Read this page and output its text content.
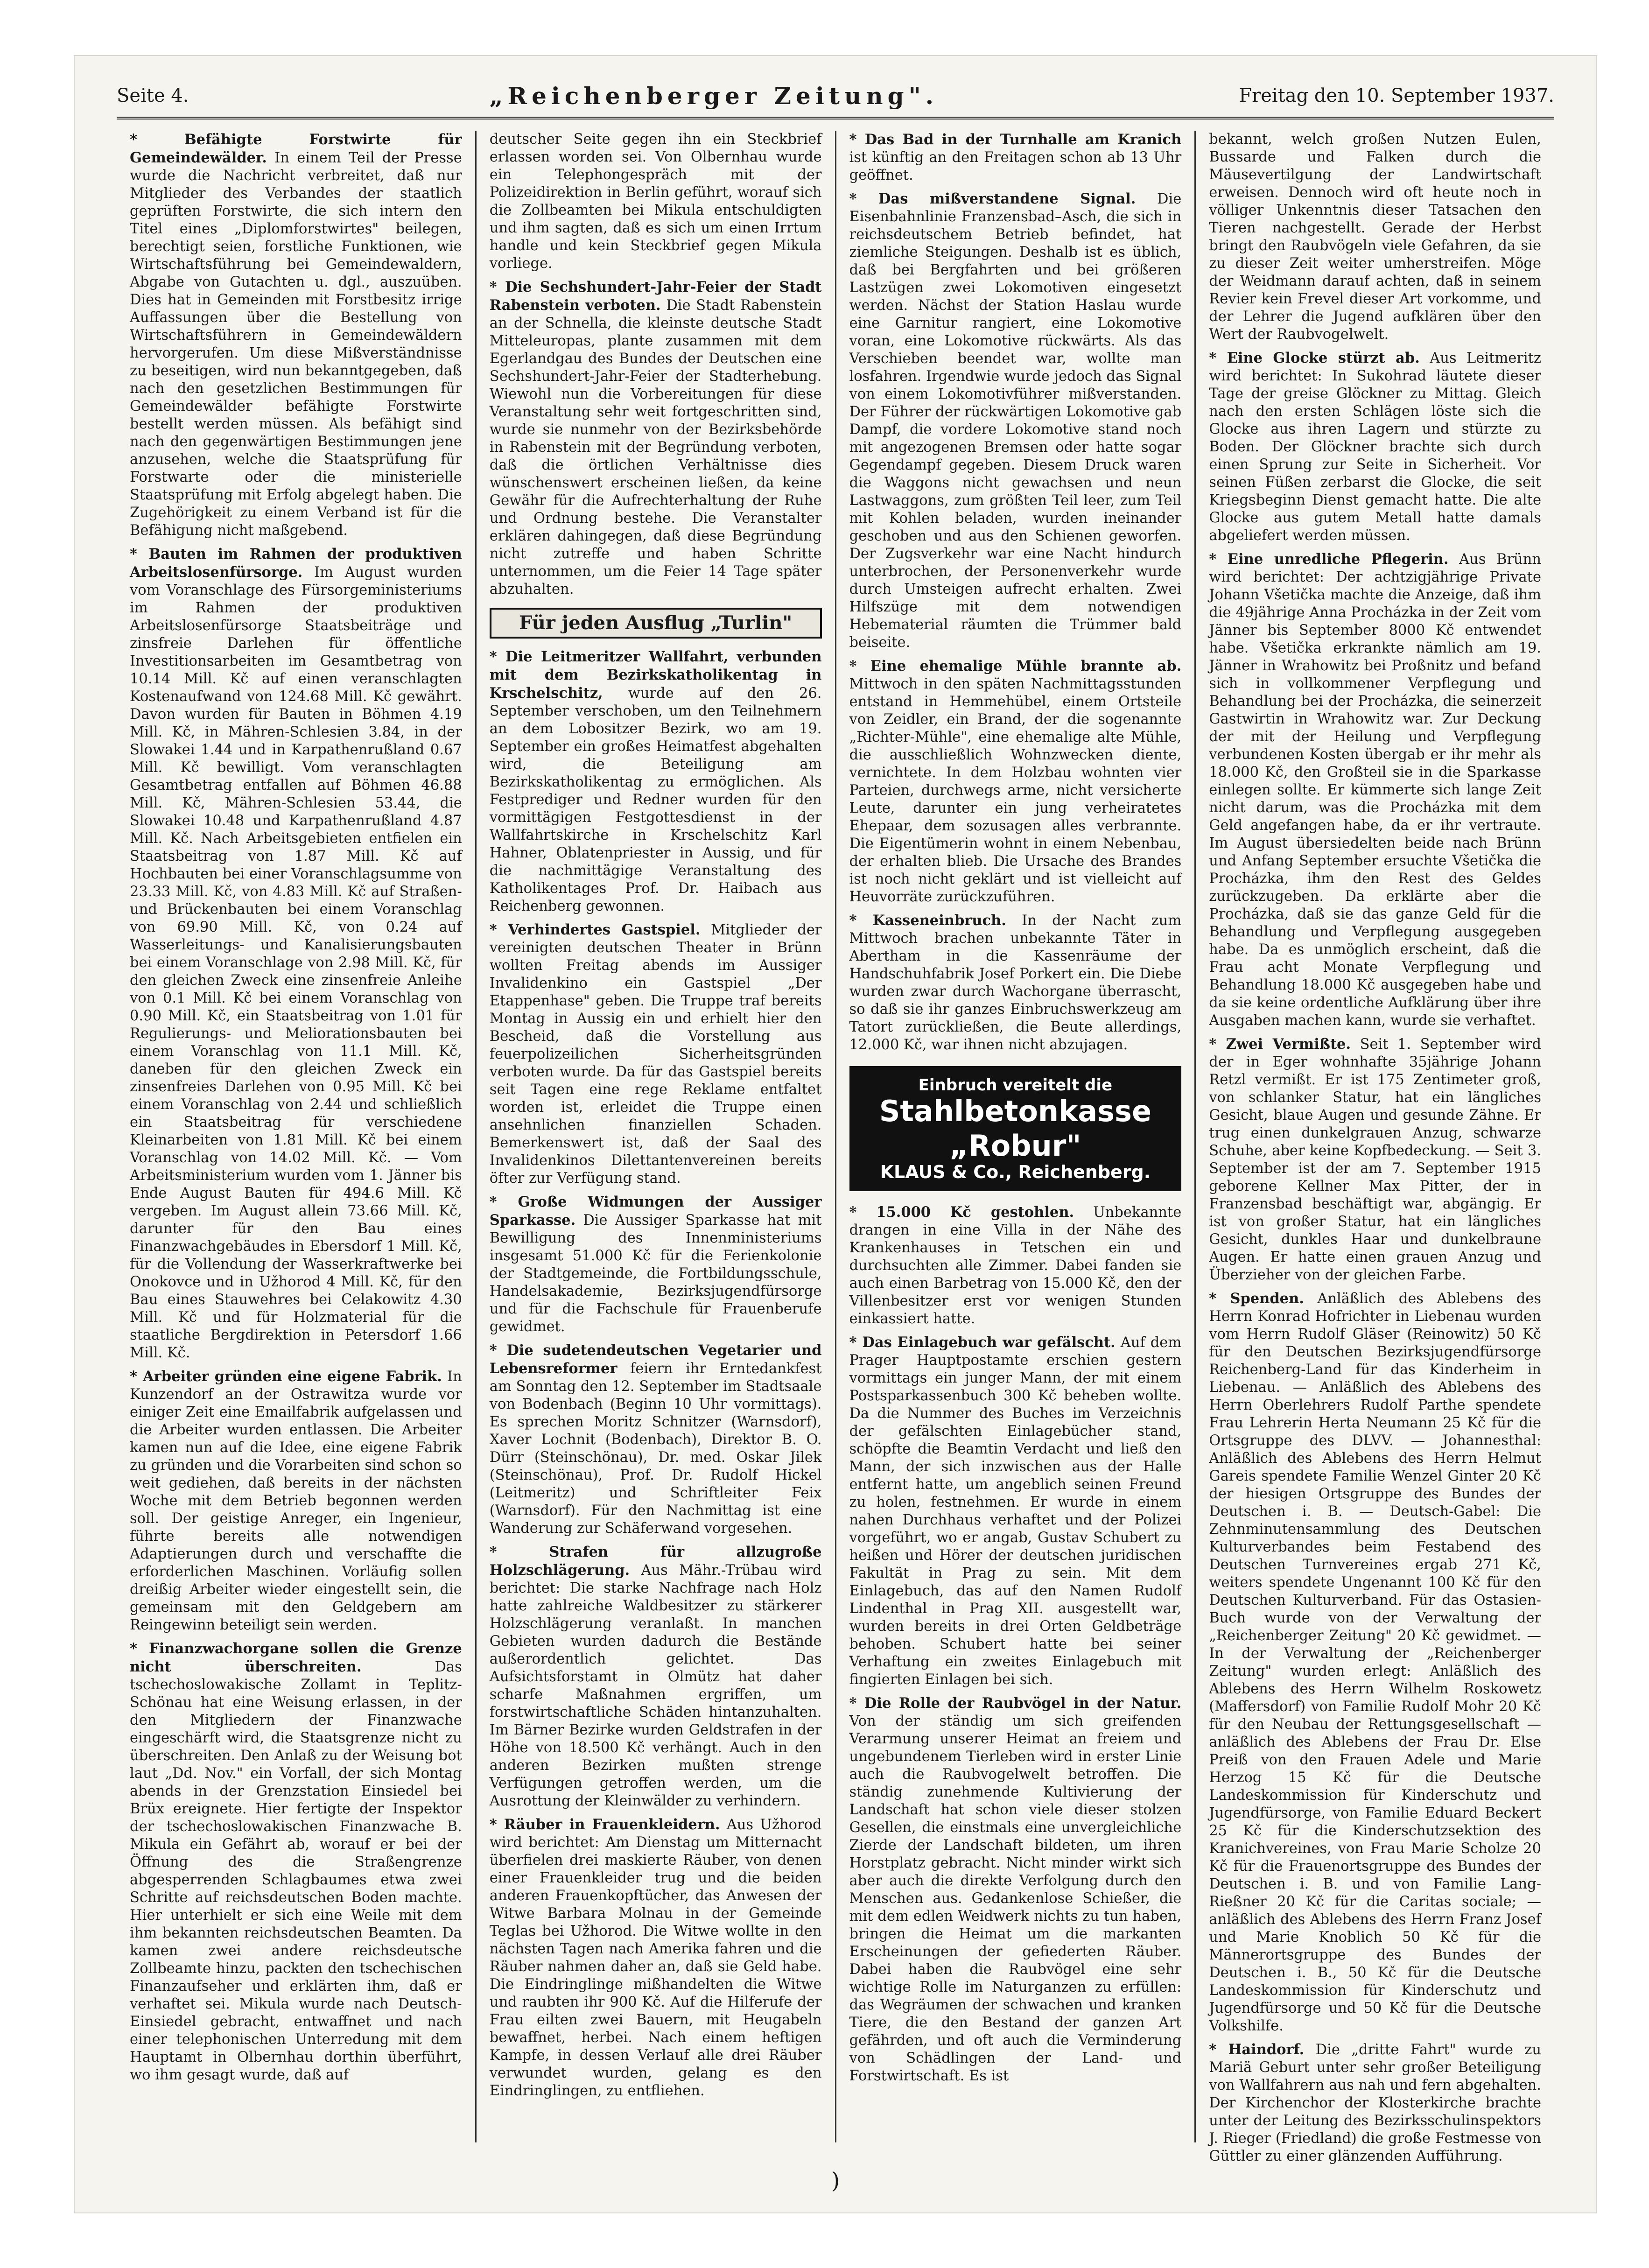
Seite 4.	„Reichenberger Zeitung".	Freitag den 10. September 1937.

* Befähigte Forstwirte für Gemeindewälder. In einem Teil der Presse wurde die Nachricht verbreitet, daß nur Mitglieder des Verbandes der staatlich geprüften Forstwirte, die sich intern den Titel eines „Diplomforstwirtes" beilegen, berechtigt seien, forstliche Funktionen, wie Wirtschaftsführung bei Gemeindewaldern, Abgabe von Gutachten u. dgl., auszuüben. Dies hat in Gemeinden mit Forstbesitz irrige Auffassungen über die Bestellung von Wirtschaftsführern in Gemeindewäldern hervorgerufen. Um diese Mißverständnisse zu beseitigen, wird nun bekanntgegeben, daß nach den gesetzlichen Bestimmungen für Gemeindewälder befähigte Forstwirte bestellt werden müssen. Als befähigt sind nach den gegenwärtigen Bestimmungen jene anzusehen, welche die Staatsprüfung für Forstwarte oder die ministerielle Staatsprüfung mit Erfolg abgelegt haben. Die Zugehörigkeit zu einem Verband ist für die Befähigung nicht maßgebend.

* Bauten im Rahmen der produktiven Arbeitslosenfürsorge. Im August wurden vom Voranschlage des Fürsorgeministeriums im Rahmen der produktiven Arbeitslosenfürsorge Staatsbeiträge und zinsfreie Darlehen für öffentliche Investitionsarbeiten im Gesamtbetrag von 10.14 Mill. Kč auf einen veranschlagten Kostenaufwand von 124.68 Mill. Kč gewährt. Davon wurden für Bauten in Böhmen 4.19 Mill. Kč, in Mähren-Schlesien 3.84, in der Slowakei 1.44 und in Karpathenrußland 0.67 Mill. Kč bewilligt. Vom veranschlagten Gesamtbetrag entfallen auf Böhmen 46.88 Mill. Kč, Mähren-Schlesien 53.44, die Slowakei 10.48 und Karpathenrußland 4.87 Mill. Kč. Nach Arbeitsgebieten entfielen ein Staatsbeitrag von 1.87 Mill. Kč auf Hochbauten bei einer Voranschlagsumme von 23.33 Mill. Kč, von 4.83 Mill. Kč auf Straßen- und Brückenbauten bei einem Voranschlag von 69.90 Mill. Kč, von 0.24 auf Wasserleitungs- und Kanalisierungsbauten bei einem Voranschlage von 2.98 Mill. Kč, für den gleichen Zweck eine zinsenfreie Anleihe von 0.1 Mill. Kč bei einem Voranschlag von 0.90 Mill. Kč, ein Staatsbeitrag von 1.01 für Regulierungs- und Meliorationsbauten bei einem Voranschlag von 11.1 Mill. Kč, daneben für den gleichen Zweck ein zinsenfreies Darlehen von 0.95 Mill. Kč bei einem Voranschlag von 2.44 und schließlich ein Staatsbeitrag für verschiedene Kleinarbeiten von 1.81 Mill. Kč bei einem Voranschlag von 14.02 Mill. Kč. — Vom Arbeitsministerium wurden vom 1. Jänner bis Ende August Bauten für 494.6 Mill. Kč vergeben. Im August allein 73.66 Mill. Kč, darunter für den Bau eines Finanzwachgebäudes in Ebersdorf 1 Mill. Kč, für die Vollendung der Wasserkraftwerke bei Onokovce und in Užhorod 4 Mill. Kč, für den Bau eines Stauwehres bei Celakowitz 4.30 Mill. Kč und für Holzmaterial für die staatliche Bergdirektion in Petersdorf 1.66 Mill. Kč.

* Arbeiter gründen eine eigene Fabrik. In Kunzendorf an der Ostrawitza wurde vor einiger Zeit eine Emailfabrik aufgelassen und die Arbeiter wurden entlassen. Die Arbeiter kamen nun auf die Idee, eine eigene Fabrik zu gründen und die Vorarbeiten sind schon so weit gediehen, daß bereits in der nächsten Woche mit dem Betrieb begonnen werden soll. Der geistige Anreger, ein Ingenieur, führte bereits alle notwendigen Adaptierungen durch und verschaffte die erforderlichen Maschinen. Vorläufig sollen dreißig Arbeiter wieder eingestellt sein, die gemeinsam mit den Geldgebern am Reingewinn beteiligt sein werden.

* Finanzwachorgane sollen die Grenze nicht überschreiten.	Das tschechoslowakische Zollamt in Teplitz-Schönau hat eine Weisung erlassen, in der den Mitgliedern der Finanzwache eingeschärft wird, die Staatsgrenze nicht zu überschreiten. Den Anlaß zu der Weisung bot laut „Dd. Nov." ein Vorfall, der sich Montag abends in der Grenzstation Einsiedel bei Brüx ereignete. Hier fertigte der Inspektor der tschechoslowakischen Finanzwache B. Mikula ein Gefährt ab, worauf er bei der Öffnung des die Straßengrenze abgesperrenden Schlagbaumes etwa zwei Schritte auf reichsdeutschen Boden machte. Hier unterhielt er sich eine Weile mit dem ihm bekannten reichsdeutschen Beamten. Da kamen zwei andere reichsdeutsche Zollbeamte hinzu, packten den tschechischen Finanzaufseher und erklärten ihm, daß er verhaftet sei. Mikula wurde nach Deutsch-Einsiedel gebracht, entwaffnet und nach einer telephonischen Unterredung mit dem Hauptamt in Olbernhau dorthin überführt, wo ihm gesagt wurde, daß auf

deutscher Seite gegen ihn ein Steckbrief erlassen worden sei. Von Olbernhau wurde ein Telephongespräch mit der Polizeidirektion in Berlin geführt, worauf sich die Zollbeamten bei Mikula entschuldigten und ihm sagten, daß es sich um einen Irrtum handle und kein Steckbrief gegen Mikula vorliege.

* Die Sechshundert-Jahr-Feier der Stadt Rabenstein verboten. Die Stadt Rabenstein an der Schnella, die kleinste deutsche Stadt Mitteleuropas, plante zusammen mit dem Egerlandgau des Bundes der Deutschen eine Sechshundert-Jahr-Feier der Stadterhebung. Wiewohl nun die Vorbereitungen für diese Veranstaltung sehr weit fortgeschritten sind, wurde sie nunmehr von der Bezirksbehörde in Rabenstein mit der Begründung verboten, daß die örtlichen Verhältnisse dies wünschenswert erscheinen ließen, da keine Gewähr für die Aufrechterhaltung der Ruhe und Ordnung bestehe. Die Veranstalter erklären dahingegen, daß diese Begründung nicht zutreffe und haben Schritte unternommen, um die Feier 14 Tage später abzuhalten.

Für jeden Ausflug „Turlin"

* Die Leitmeritzer Wallfahrt, verbunden mit dem Bezirkskatholikentag in Krschelschitz, wurde auf den 26. September verschoben, um den Teilnehmern an dem Lobositzer Bezirk, wo am 19. September ein großes Heimatfest abgehalten wird, die Beteiligung am Bezirkskatholikentag zu ermöglichen. Als Festprediger und Redner wurden für den vormittägigen Festgottesdienst in der Wallfahrtskirche in Krschelschitz Karl Hahner, Oblatenpriester in Aussig, und für die nachmittägige Veranstaltung des Katholikentages Prof. Dr. Haibach aus Reichenberg gewonnen.

* Verhindertes Gastspiel. Mitglieder der vereinigten deutschen Theater in Brünn wollten Freitag abends im Aussiger Invalidenkino ein Gastspiel „Der Etappenhase" geben. Die Truppe traf bereits Montag in Aussig ein und erhielt hier den Bescheid, daß die Vorstellung aus feuerpolizeilichen Sicherheitsgründen verboten wurde. Da für das Gastspiel bereits seit Tagen eine rege Reklame entfaltet worden ist, erleidet die Truppe einen ansehnlichen finanziellen Schaden. Bemerkenswert ist, daß der Saal des Invalidenkinos Dilettantenvereinen bereits öfter zur Verfügung stand.

* Große Widmungen der Aussiger Sparkasse. Die Aussiger Sparkasse hat mit Bewilligung des Innenministeriums insgesamt 51.000 Kč für die Ferienkolonie der Stadtgemeinde, die Fortbildungsschule, Handelsakademie, Bezirksjugendfürsorge und für die Fachschule für Frauenberufe gewidmet.

* Die sudetendeutschen Vegetarier und Lebensreformer feiern ihr Erntedankfest am Sonntag den 12. September im Stadtsaale von Bodenbach (Beginn 10 Uhr vormittags). Es sprechen Moritz Schnitzer (Warnsdorf), Xaver Lochnit (Bodenbach), Direktor B. O. Dürr (Steinschönau), Dr. med. Oskar Jilek (Steinschönau), Prof. Dr. Rudolf Hickel (Leitmeritz) und Schriftleiter Feix (Warnsdorf). Für den Nachmittag ist eine Wanderung zur Schäferwand vorgesehen.

* Strafen für allzugroße Holzschlägerung. Aus Mähr.-Trübau wird berichtet: Die starke Nachfrage nach Holz hatte zahlreiche Waldbesitzer zu stärkerer Holzschlägerung veranlaßt. In manchen Gebieten wurden dadurch die Bestände außerordentlich gelichtet. Das Aufsichtsforstamt in Olmütz hat daher scharfe Maßnahmen ergriffen, um forstwirtschaftliche Schäden hintanzuhalten. Im Bärner Bezirke wurden Geldstrafen in der Höhe von 18.500 Kč verhängt. Auch in den anderen Bezirken mußten strenge Verfügungen getroffen werden, um die Ausrottung der Kleinwälder zu verhindern.

* Räuber in Frauenkleidern. Aus Užhorod wird berichtet: Am Dienstag um Mitternacht überfielen drei maskierte Räuber, von denen einer Frauenkleider trug und die beiden anderen Frauenkopftücher, das Anwesen der Witwe Barbara Molnau in der Gemeinde Teglas bei Užhorod. Die Witwe wollte in den nächsten Tagen nach Amerika fahren und die Räuber nahmen daher an, daß sie Geld habe. Die Eindringlinge mißhandelten die Witwe und raubten ihr 900 Kč. Auf die Hilferufe der Frau eilten zwei Bauern, mit Heugabeln bewaffnet, herbei. Nach einem heftigen Kampfe, in dessen Verlauf alle drei Räuber verwundet wurden, gelang es den Eindringlingen, zu entfliehen.

* Das Bad in der Turnhalle am Kranich ist künftig an den Freitagen schon ab 13 Uhr geöffnet.

* Das mißverstandene Signal. Die Eisenbahnlinie Franzensbad–Asch, die sich in reichsdeutschem Betrieb befindet, hat ziemliche Steigungen. Deshalb ist es üblich, daß bei Bergfahrten und bei größeren Lastzügen zwei Lokomotiven eingesetzt werden. Nächst der Station Haslau wurde eine Garnitur rangiert, eine Lokomotive voran, eine Lokomotive rückwärts. Als das Verschieben beendet war, wollte man losfahren. Irgendwie wurde jedoch das Signal von einem Lokomotivführer mißverstanden. Der Führer der rückwärtigen Lokomotive gab Dampf, die vordere Lokomotive stand noch mit angezogenen Bremsen oder hatte sogar Gegendampf gegeben. Diesem Druck waren die Waggons nicht gewachsen und neun Lastwaggons, zum größten Teil leer, zum Teil mit Kohlen beladen, wurden ineinander geschoben und aus den Schienen geworfen. Der Zugsverkehr war eine Nacht hindurch unterbrochen, der Personenverkehr wurde durch Umsteigen aufrecht erhalten. Zwei Hilfszüge mit dem notwendigen Hebematerial räumten die Trümmer bald beiseite.

* Eine ehemalige Mühle brannte ab. Mittwoch in den späten Nachmittagsstunden entstand in Hemmehübel, einem Ortsteile von Zeidler, ein Brand, der die sogenannte „Richter-Mühle", eine ehemalige alte Mühle, die ausschließlich Wohnzwecken diente, vernichtete. In dem Holzbau wohnten vier Parteien, durchwegs arme, nicht versicherte Leute, darunter ein jung verheiratetes Ehepaar, dem sozusagen alles verbrannte. Die Eigentümerin wohnt in einem Nebenbau, der erhalten blieb. Die Ursache des Brandes ist noch nicht geklärt und ist vielleicht auf Heuvorräte zurückzuführen.

* Kasseneinbruch. In der Nacht zum Mittwoch brachen unbekannte Täter in Abertham in die Kassenräume der Handschuhfabrik Josef Porkert ein. Die Diebe wurden zwar durch Wachorgane überrascht, so daß sie ihr ganzes Einbruchswerkzeug am Tatort zurückließen, die Beute allerdings, 12.000 Kč, war ihnen nicht abzujagen.

Einbruch vereitelt die
Stahlbetonkasse „Robur"
KLAUS & Co., Reichenberg.

* 15.000 Kč gestohlen. Unbekannte drangen in eine Villa in der Nähe des Krankenhauses in Tetschen ein und durchsuchten alle Zimmer. Dabei fanden sie auch einen Barbetrag von 15.000 Kč, den der Villenbesitzer erst vor wenigen Stunden einkassiert hatte.

* Das Einlagebuch war gefälscht. Auf dem Prager Hauptpostamte erschien gestern vormittags ein junger Mann, der mit einem Postsparkassenbuch 300 Kč beheben wollte. Da die Nummer des Buches im Verzeichnis der gefälschten Einlagebücher stand, schöpfte die Beamtin Verdacht und ließ den Mann, der sich inzwischen aus der Halle entfernt hatte, um angeblich seinen Freund zu holen, festnehmen. Er wurde in einem nahen Durchhaus verhaftet und der Polizei vorgeführt, wo er angab, Gustav Schubert zu heißen und Hörer der deutschen juridischen Fakultät in Prag zu sein. Mit dem Einlagebuch, das auf den Namen Rudolf Lindenthal in Prag XII. ausgestellt war, wurden bereits in drei Orten Geldbeträge behoben. Schubert hatte bei seiner Verhaftung ein zweites Einlagebuch mit fingierten Einlagen bei sich.

* Die Rolle der Raubvögel in der Natur. Von der ständig um sich greifenden Verarmung unserer Heimat an freiem und ungebundenem Tierleben wird in erster Linie auch die Raubvogelwelt betroffen. Die ständig zunehmende Kultivierung der Landschaft hat schon viele dieser stolzen Gesellen, die einstmals eine unvergleichliche Zierde der Landschaft bildeten, um ihren Horstplatz gebracht. Nicht minder wirkt sich aber auch die direkte Verfolgung durch den Menschen aus. Gedankenlose Schießer, die mit dem edlen Weidwerk nichts zu tun haben, bringen die Heimat um die markanten Erscheinungen der gefiederten Räuber. Dabei haben die Raubvögel eine sehr wichtige Rolle im Naturganzen zu erfüllen: das Wegräumen der schwachen und kranken Tiere, die den Bestand der ganzen Art gefährden, und oft auch die Verminderung von Schädlingen der Land- und Forstwirtschaft. Es ist

bekannt, welch großen Nutzen Eulen, Bussarde und Falken durch die Mäusevertilgung der Landwirtschaft erweisen. Dennoch wird oft heute noch in völliger Unkenntnis dieser Tatsachen den Tieren nachgestellt. Gerade der Herbst bringt den Raubvögeln viele Gefahren, da sie zu dieser Zeit weiter umherstreifen. Möge der Weidmann darauf achten, daß in seinem Revier kein Frevel dieser Art vorkomme, und der Lehrer die Jugend aufklären über den Wert der Raubvogelwelt.

* Eine Glocke stürzt ab. Aus Leitmeritz wird berichtet: In Sukohrad läutete dieser Tage der greise Glöckner zu Mittag. Gleich nach den ersten Schlägen löste sich die Glocke aus ihren Lagern und stürzte zu Boden. Der Glöckner brachte sich durch einen Sprung zur Seite in Sicherheit. Vor seinen Füßen zerbarst die Glocke, die seit Kriegsbeginn Dienst gemacht hatte. Die alte Glocke aus gutem Metall hatte damals abgeliefert werden müssen.

* Eine unredliche Pflegerin. Aus Brünn wird berichtet: Der achtzigjährige Private Johann Všetička machte die Anzeige, daß ihm die 49jährige Anna Procházka in der Zeit vom Jänner bis September 8000 Kč entwendet habe. Všetička erkrankte nämlich am 19. Jänner in Wrahowitz bei Proßnitz und befand sich in vollkommener Verpflegung und Behandlung bei der Procházka, die seinerzeit Gastwirtin in Wrahowitz war. Zur Deckung der mit der Heilung und Verpflegung verbundenen Kosten übergab er ihr mehr als 18.000 Kč, den Großteil sie in die Sparkasse einlegen sollte. Er kümmerte sich lange Zeit nicht darum, was die Procházka mit dem Geld angefangen habe, da er ihr vertraute. Im August übersiedelten beide nach Brünn und Anfang September ersuchte Všetička die Procházka, ihm den Rest des Geldes zurückzugeben. Da erklärte aber die Procházka, daß sie das ganze Geld für die Behandlung und Verpflegung ausgegeben habe. Da es unmöglich erscheint, daß die Frau acht Monate Verpflegung und Behandlung 18.000 Kč ausgegeben habe und da sie keine ordentliche Aufklärung über ihre Ausgaben machen kann, wurde sie verhaftet.

* Zwei Vermißte. Seit 1. September wird der in Eger wohnhafte 35jährige Johann Retzl vermißt. Er ist 175 Zentimeter groß, von schlanker Statur, hat ein längliches Gesicht, blaue Augen und gesunde Zähne. Er trug einen dunkelgrauen Anzug, schwarze Schuhe, aber keine Kopfbedeckung. — Seit 3. September ist der am 7. September 1915 geborene Kellner Max Pitter, der in Franzensbad beschäftigt war, abgängig. Er ist von großer Statur, hat ein längliches Gesicht, dunkles Haar und dunkelbraune Augen. Er hatte einen grauen Anzug und Überzieher von der gleichen Farbe.

* Spenden. Anläßlich des Ablebens des Herrn Konrad Hofrichter in Liebenau wurden vom Herrn Rudolf Gläser (Reinowitz) 50 Kč für den Deutschen Bezirksjugendfürsorge Reichenberg-Land für das Kinderheim in Liebenau. — Anläßlich des Ablebens des Herrn Oberlehrers Rudolf Parthe spendete Frau Lehrerin Herta Neumann 25 Kč für die Ortsgruppe des DLVV. — Johannesthal: Anläßlich des Ablebens des Herrn Helmut Gareis spendete Familie Wenzel Ginter 20 Kč der hiesigen Ortsgruppe des Bundes der Deutschen i. B. — Deutsch-Gabel: Die Zehnminutensammlung des Deutschen Kulturverbandes beim Festabend des Deutschen Turnvereines ergab 271 Kč, weiters spendete Ungenannt 100 Kč für den Deutschen Kulturverband. Für das Ostasien-Buch wurde von der Verwaltung der „Reichenberger Zeitung" 20 Kč gewidmet. — In der Verwaltung der „Reichenberger Zeitung" wurden erlegt: Anläßlich des Ablebens des Herrn Wilhelm Roskowetz (Maffersdorf) von Familie Rudolf Mohr 20 Kč für den Neubau der Rettungsgesellschaft — anläßlich des Ablebens der Frau Dr. Else Preiß von den Frauen Adele und Marie Herzog 15 Kč für die Deutsche Landeskommission für Kinderschutz und Jugendfürsorge, von Familie Eduard Beckert 25 Kč für die Kinderschutzsektion des Kranichvereines, von Frau Marie Scholze 20 Kč für die Frauenortsgruppe des Bundes der Deutschen i. B. und von Familie Lang-Rießner 20 Kč für die Caritas sociale; — anläßlich des Ablebens des Herrn Franz Josef und Marie Knoblich 50 Kč für die Männerortsgruppe des Bundes der Deutschen i. B., 50 Kč für die Deutsche Landeskommission für Kinderschutz und Jugendfürsorge und 50 Kč für die Deutsche Volkshilfe.

* Haindorf. Die „dritte Fahrt" wurde zu Mariä Geburt unter sehr großer Beteiligung von Wallfahrern aus nah und fern abgehalten. Der Kirchenchor der Klosterkirche brachte unter der Leitung des Bezirksschulinspektors J. Rieger (Friedland) die große Festmesse von Güttler zu einer glänzenden Aufführung.

)
